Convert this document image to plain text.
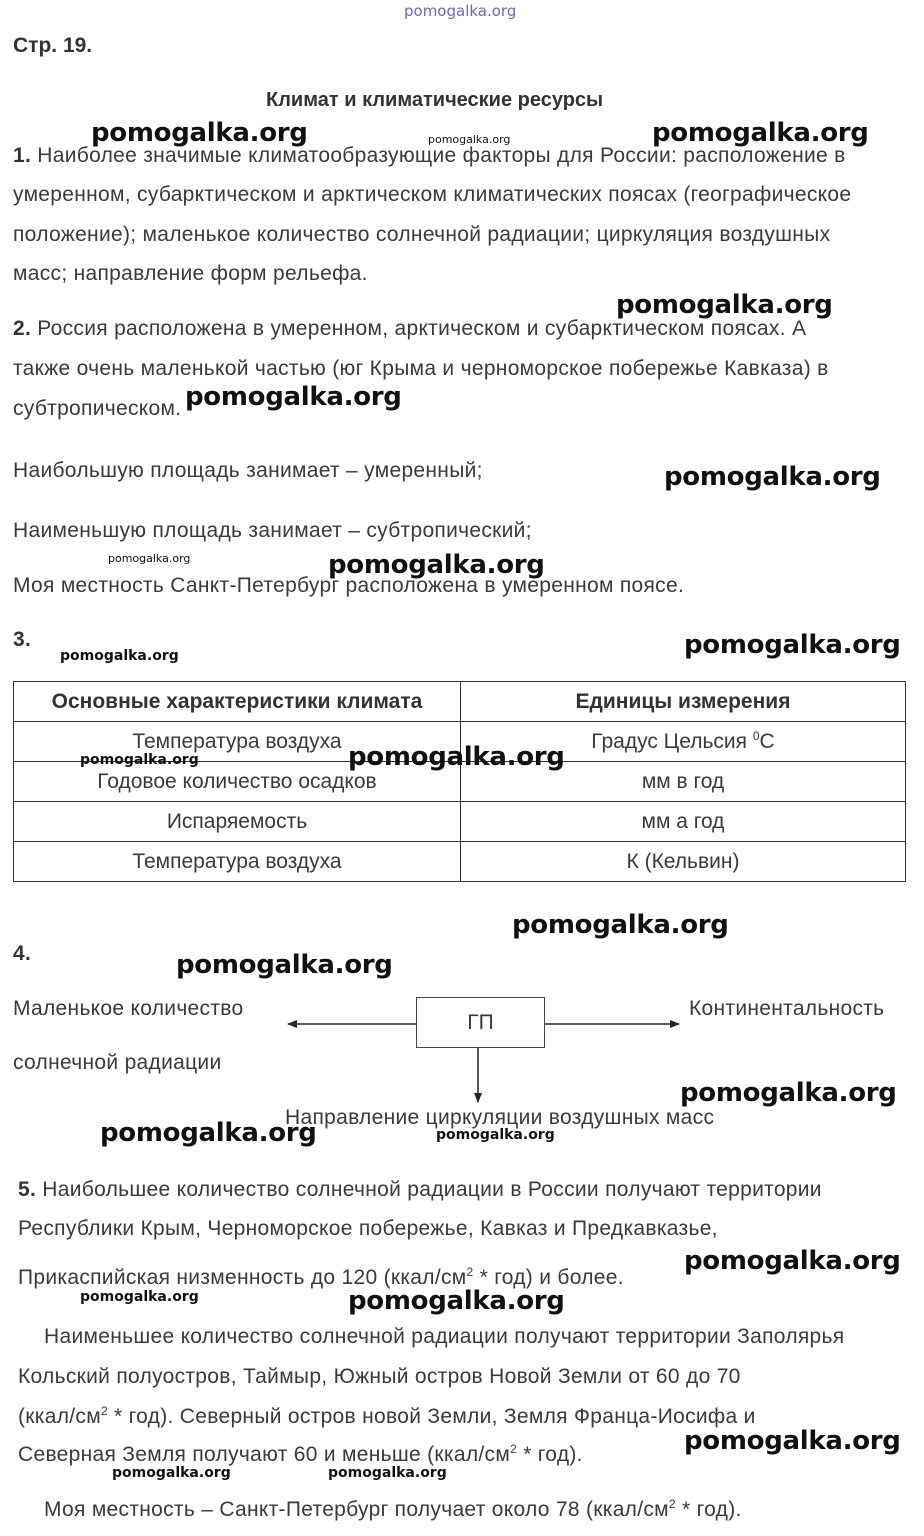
pomogalka.org
Стр. 19.
Климат и климатические ресурсы
1. Наиболее значимые климатообразующие факторы для России: расположение в
умеренном, субарктическом и арктическом климатических поясах (географическое
положение); маленькое количество солнечной радиации; циркуляция воздушных
масс; направление форм рельефа.
2. Россия расположена в умеренном, арктическом и субарктическом поясах. А
также очень маленькой частью (юг Крыма и черноморское побережье Кавказа) в
субтропическом.
Наибольшую площадь занимает – умеренный;
Наименьшую площадь занимает – субтропический;
Моя местность Санкт-Петербург расположена в умеренном поясе.
3.
Основные характеристики климата	Единицы измерения
Температура воздуха	Градус Цельсия $^0$C
Годовое количество осадков	мм в год
Испаряемость	мм а год
Температура воздуха	К (Кельвин)
4.
Маленькое количество
солнечной радиации
ГП
Континентальность
Направление циркуляции воздушных масс
5. Наибольшее количество солнечной радиации в России получают территории
Республики Крым, Черноморское побережье, Кавказ и Предкавказье,
Прикаспийская низменность до 120 $(ккал/см^2 * год)$ и более.
Наименьшее количество солнечной радиации получают территории Заполярья
Кольский полуостров, Таймыр, Южный остров Новой Земли от 60 до 70
$(ккал/см^2 * год)$. Северный остров новой Земли, Земля Франца-Иосифа и
Северная Земля получают 60 и меньше $(ккал/см^2 * год)$.
Моя местность – Санкт-Петербург получает около 78 $(ккал/см^2 * год)$.
pomogalka.org	pomogalka.org	pomogalka.org
pomogalka.org
pomogalka.org
pomogalka.org
pomogalka.org	pomogalka.org
pomogalka.org	pomogalka.org
pomogalka.org	pomogalka.org
pomogalka.org
pomogalka.org
pomogalka.org
pomogalka.org	pomogalka.org
pomogalka.org
pomogalka.org	pomogalka.org
pomogalka.org
pomogalka.org	pomogalka.org
